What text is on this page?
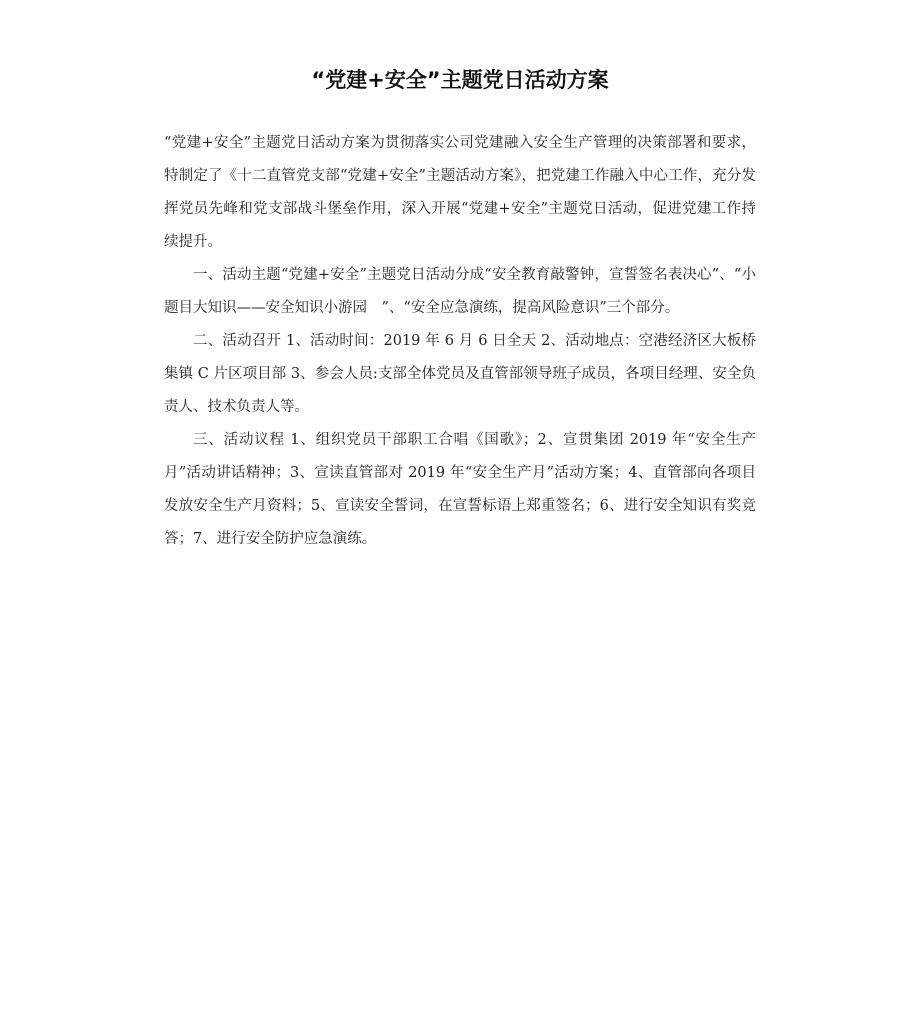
“党建+安全”主题党日活动方案

“党建+安全”主题党日活动方案为贯彻落实公司党建融入安全生产管理的决策部署和要求，特制定了《十二直管党支部“党建+安全”主题活动方案》，把党建工作融入中心工作，充分发挥党员先峰和党支部战斗堡垒作用，深入开展“党建+安全”主题党日活动，促进党建工作持续提升。

一、活动主题“党建+安全”主题党日活动分成“安全教育敲警钟，宣誓签名表决心”、“小题目大知识——安全知识小游园　”、“安全应急演练，提高风险意识”三个部分。

二、活动召开 1、活动时间：2019 年 6 月 6 日全天 2、活动地点：空港经济区大板桥集镇 C 片区项目部 3、参会人员:支部全体党员及直管部领导班子成员，各项目经理、安全负责人、技术负责人等。

三、活动议程 1、组织党员干部职工合唱《国歌》；2、宣贯集团 2019 年“安全生产月”活动讲话精神；3、宣读直管部对 2019 年“安全生产月”活动方案；4、直管部向各项目发放安全生产月资料；5、宣读安全誓词，在宣誓标语上郑重签名；6、进行安全知识有奖竞答；7、进行安全防护应急演练。
